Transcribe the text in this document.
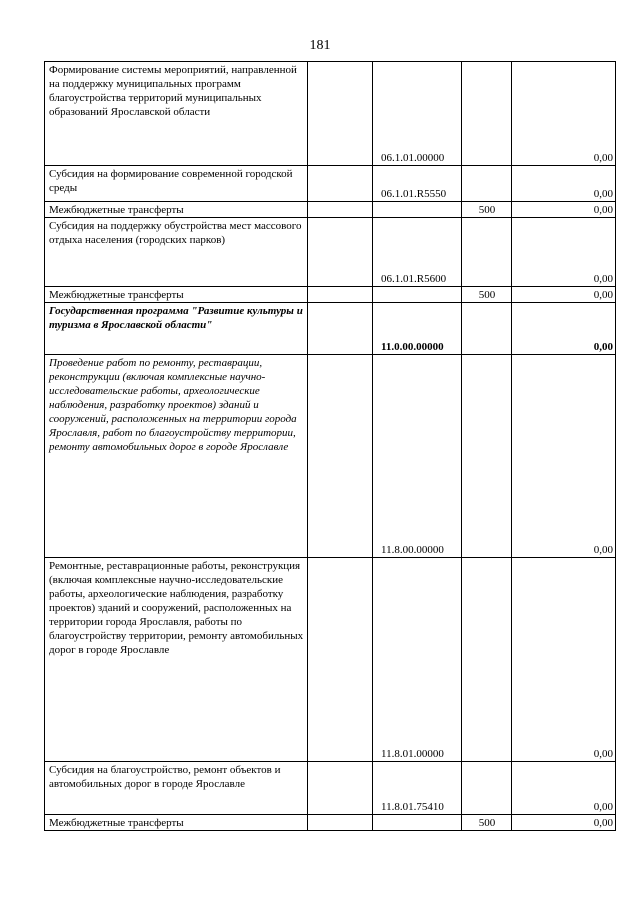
181
Формирование системы мероприятий, направленной на поддержку муниципальных программ благоустройства территорий муниципальных образований Ярославской области		06.1.01.00000		0,00
Субсидия на формирование современной городской среды		06.1.01.R5550		0,00
Межбюджетные трансферты			500	0,00
Субсидия на поддержку обустройства мест массового отдыха населения (городских парков)		06.1.01.R5600		0,00
Межбюджетные трансферты			500	0,00
Государственная программа "Развитие культуры и туризма в Ярославской области"		11.0.00.00000		0,00
Проведение работ по ремонту, реставрации, реконструкции (включая комплексные научно-исследовательские работы, археологические наблюдения, разработку проектов) зданий и сооружений, расположенных на территории города Ярославля, работ по благоустройству территории, ремонту автомобильных дорог в городе Ярославле		11.8.00.00000		0,00
Ремонтные, реставрационные работы, реконструкция (включая комплексные научно-исследовательские работы, археологические наблюдения, разработку проектов) зданий и сооружений, расположенных на территории города Ярославля, работы по благоустройству территории, ремонту автомобильных дорог в городе Ярославле		11.8.01.00000		0,00
Субсидия на благоустройство, ремонт объектов и автомобильных дорог в городе Ярославле		11.8.01.75410		0,00
Межбюджетные трансферты			500	0,00
